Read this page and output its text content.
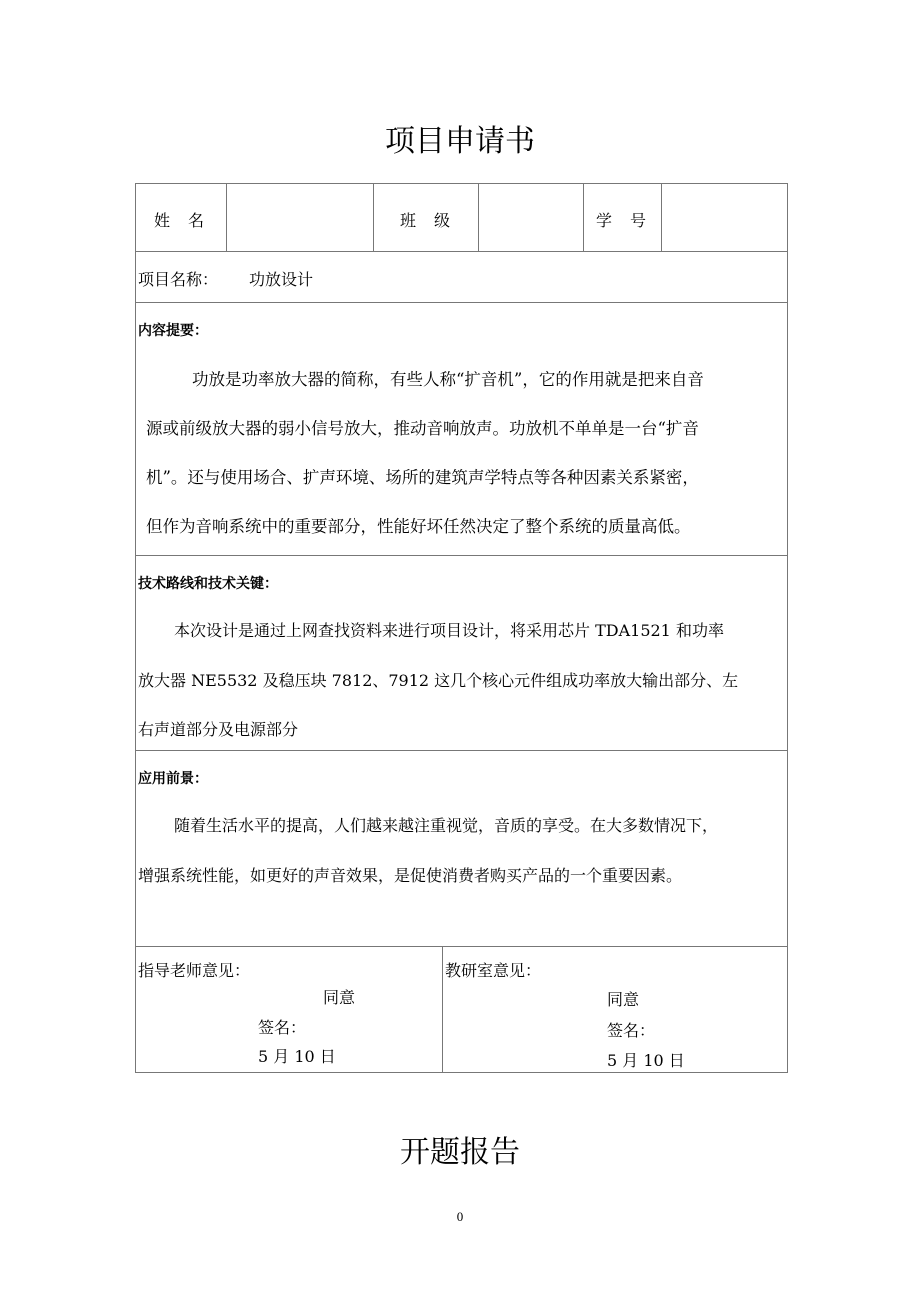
项目申请书
姓名	班级	学号
项目名称： 功放设计
内容提要：
功放是功率放大器的简称，有些人称“扩音机”，它的作用就是把来自音
源或前级放大器的弱小信号放大，推动音响放声。功放机不单单是一台“扩音
机”。还与使用场合、扩声环境、场所的建筑声学特点等各种因素关系紧密，
但作为音响系统中的重要部分，性能好坏任然决定了整个系统的质量高低。
技术路线和技术关键：
本次设计是通过上网查找资料来进行项目设计，将采用芯片 TDA1521 和功率
放大器 NE5532 及稳压块 7812、7912 这几个核心元件组成功率放大输出部分、左
右声道部分及电源部分
应用前景：
随着生活水平的提高，人们越来越注重视觉，音质的享受。在大多数情况下，
增强系统性能，如更好的声音效果，是促使消费者购买产品的一个重要因素。
指导老师意见：
同意
签名：
5 月 10 日
教研室意见：
同意
签名：
5 月 10 日
开题报告
0
